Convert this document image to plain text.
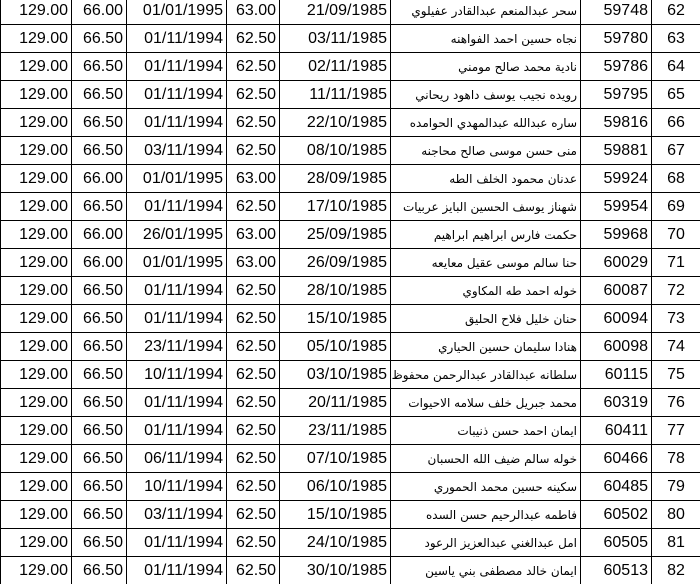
129.00	66.00	01/01/1995	63.00	21/09/1985	سحر عبدالمنعم عبدالقادر عفيلوي	59748	62
129.00	66.50	01/11/1994	62.50	03/11/1985	نجاه حسين احمد الفواهنه	59780	63
129.00	66.50	01/11/1994	62.50	02/11/1985	نادية محمد صالح مومني	59786	64
129.00	66.50	01/11/1994	62.50	11/11/1985	رويده نجيب يوسف داهود ريحاني	59795	65
129.00	66.50	01/11/1994	62.50	22/10/1985	ساره عبدالله عبدالمهدي الحوامده	59816	66
129.00	66.50	03/11/1994	62.50	08/10/1985	منى حسن موسى صالح محاجنه	59881	67
129.00	66.00	01/01/1995	63.00	28/09/1985	عدنان محمود الخلف الطه	59924	68
129.00	66.50	01/11/1994	62.50	17/10/1985	شهناز يوسف الحسين البايز عربيات	59954	69
129.00	66.00	26/01/1995	63.00	25/09/1985	حكمت فارس ابراهيم ابراهيم	59968	70
129.00	66.00	01/01/1995	63.00	26/09/1985	حنا سالم موسى عقيل معايعه	60029	71
129.00	66.50	01/11/1994	62.50	28/10/1985	خوله احمد طه المكاوي	60087	72
129.00	66.50	01/11/1994	62.50	15/10/1985	حنان خليل فلاح الحليق	60094	73
129.00	66.50	23/11/1994	62.50	05/10/1985	هنادا سليمان حسين الحياري	60098	74
129.00	66.50	10/11/1994	62.50	03/10/1985	سلطانه عبدالقادر عبدالرحمن محفوظ	60115	75
129.00	66.50	01/11/1994	62.50	20/11/1985	محمد جبريل خلف سلامه الاحيوات	60319	76
129.00	66.50	01/11/1994	62.50	23/11/1985	ايمان احمد حسن ذنيبات	60411	77
129.00	66.50	06/11/1994	62.50	07/10/1985	خوله سالم ضيف الله الحسبان	60466	78
129.00	66.50	10/11/1994	62.50	06/10/1985	سكينه حسين محمد الحموري	60485	79
129.00	66.50	03/11/1994	62.50	15/10/1985	فاطمه عبدالرحيم حسن السده	60502	80
129.00	66.50	01/11/1994	62.50	24/10/1985	امل عبدالغني عبدالعزيز الرعود	60505	81
129.00	66.50	01/11/1994	62.50	30/10/1985	ايمان خالد مصطفى بني ياسين	60513	82
